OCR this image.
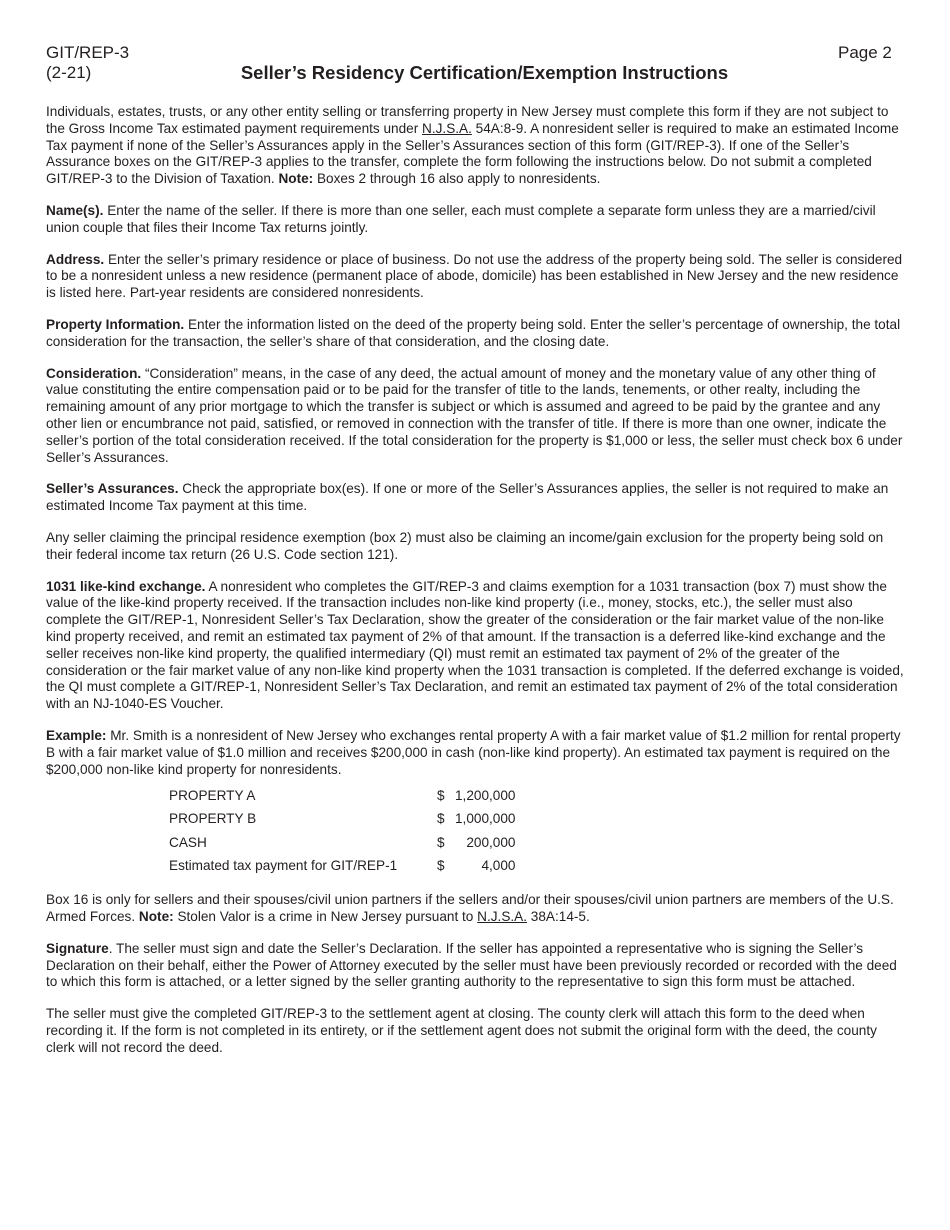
GIT/REP-3
(2-21)
Page 2
Seller’s Residency Certification/Exemption Instructions

Individuals, estates, trusts, or any other entity selling or transferring property in New Jersey must complete this form if they are not subject to the Gross Income Tax estimated payment requirements under N.J.S.A. 54A:8-9. A nonresident seller is required to make an estimated Income Tax payment if none of the Seller’s Assurances apply in the Seller’s Assurances section of this form (GIT/REP-3). If one of the Seller’s Assurance boxes on the GIT/REP-3 applies to the transfer, complete the form following the instructions below. Do not submit a completed GIT/REP-3 to the Division of Taxation. Note: Boxes 2 through 16 also apply to nonresidents.

Name(s). Enter the name of the seller. If there is more than one seller, each must complete a separate form unless they are a married/civil union couple that files their Income Tax returns jointly.

Address. Enter the seller’s primary residence or place of business. Do not use the address of the property being sold. The seller is considered to be a nonresident unless a new residence (permanent place of abode, domicile) has been established in New Jersey and the new residence is listed here. Part-year residents are considered nonresidents.

Property Information. Enter the information listed on the deed of the property being sold. Enter the seller’s percentage of ownership, the total consideration for the transaction, the seller’s share of that consideration, and the closing date.

Consideration. “Consideration” means, in the case of any deed, the actual amount of money and the monetary value of any other thing of value constituting the entire compensation paid or to be paid for the transfer of title to the lands, tenements, or other realty, including the remaining amount of any prior mortgage to which the transfer is subject or which is assumed and agreed to be paid by the grantee and any other lien or encumbrance not paid, satisfied, or removed in connection with the transfer of title. If there is more than one owner, indicate the seller’s portion of the total consideration received. If the total consideration for the property is $1,000 or less, the seller must check box 6 under Seller’s Assurances.

Seller’s Assurances. Check the appropriate box(es). If one or more of the Seller’s Assurances applies, the seller is not required to make an estimated Income Tax payment at this time.

Any seller claiming the principal residence exemption (box 2) must also be claiming an income/gain exclusion for the property being sold on their federal income tax return (26 U.S. Code section 121).

1031 like-kind exchange. A nonresident who completes the GIT/REP-3 and claims exemption for a 1031 transaction (box 7) must show the value of the like-kind property received. If the transaction includes non-like kind property (i.e., money, stocks, etc.), the seller must also complete the GIT/REP-1, Nonresident Seller’s Tax Declaration, show the greater of the consideration or the fair market value of the non-like kind property received, and remit an estimated tax payment of 2% of that amount. If the transaction is a deferred like-kind exchange and the seller receives non-like kind property, the qualified intermediary (QI) must remit an estimated tax payment of 2% of the greater of the consideration or the fair market value of any non-like kind property when the 1031 transaction is completed. If the deferred exchange is voided, the QI must complete a GIT/REP-1, Nonresident Seller’s Tax Declaration, and remit an estimated tax payment of 2% of the total consideration with an NJ-1040-ES Voucher.

Example: Mr. Smith is a nonresident of New Jersey who exchanges rental property A with a fair market value of $1.2 million for rental property B with a fair market value of $1.0 million and receives $200,000 in cash (non-like kind property). An estimated tax payment is required on the $200,000 non-like kind property for nonresidents.

PROPERTY A	$	1,200,000
PROPERTY B	$	1,000,000
CASH	$	200,000
Estimated tax payment for GIT/REP-1	$	4,000

Box 16 is only for sellers and their spouses/civil union partners if the sellers and/or their spouses/civil union partners are members of the U.S. Armed Forces. Note: Stolen Valor is a crime in New Jersey pursuant to N.J.S.A. 38A:14-5.

Signature. The seller must sign and date the Seller’s Declaration. If the seller has appointed a representative who is signing the Seller’s Declaration on their behalf, either the Power of Attorney executed by the seller must have been previously recorded or recorded with the deed to which this form is attached, or a letter signed by the seller granting authority to the representative to sign this form must be attached.

The seller must give the completed GIT/REP-3 to the settlement agent at closing. The county clerk will attach this form to the deed when recording it. If the form is not completed in its entirety, or if the settlement agent does not submit the original form with the deed, the county clerk will not record the deed.
